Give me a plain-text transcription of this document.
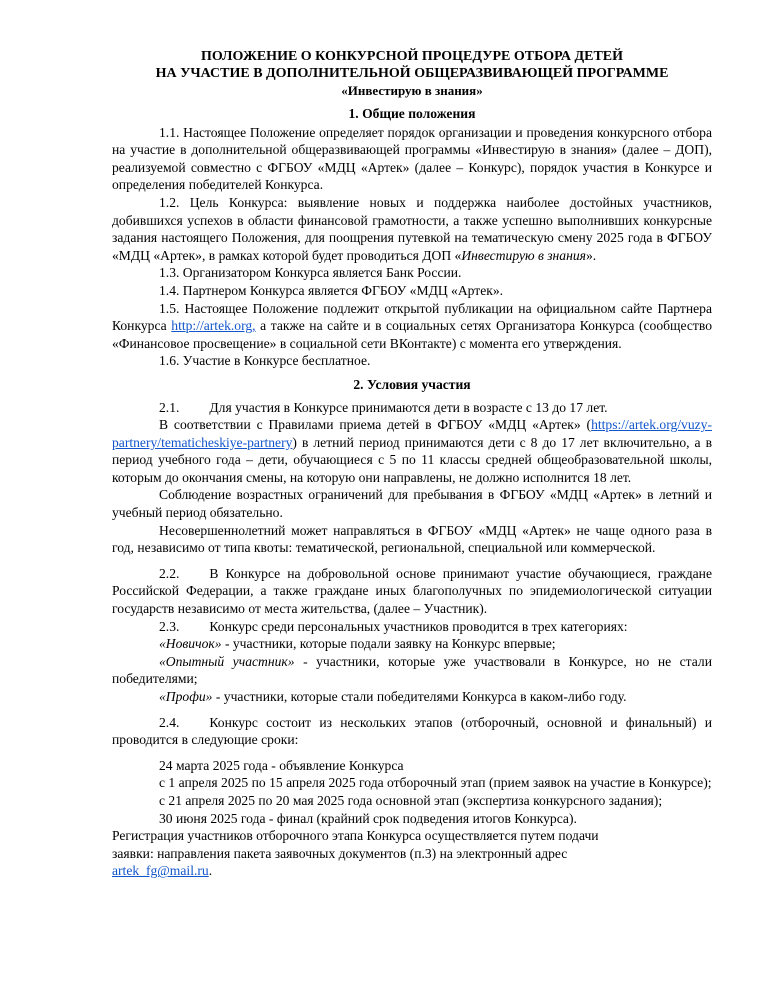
ПОЛОЖЕНИЕ О КОНКУРСНОЙ ПРОЦЕДУРЕ ОТБОРА ДЕТЕЙ
НА УЧАСТИЕ В ДОПОЛНИТЕЛЬНОЙ ОБЩЕРАЗВИВАЮЩЕЙ ПРОГРАММЕ
«Инвестирую в знания»
1. Общие положения

1.1. Настоящее Положение определяет порядок организации и проведения конкурсного отбора на участие в дополнительной общеразвивающей программы «Инвестирую в знания» (далее – ДОП), реализуемой совместно с ФГБОУ «МДЦ «Артек» (далее – Конкурс), порядок участия в Конкурсе и определения победителей Конкурса.

1.2. Цель Конкурса: выявление новых и поддержка наиболее достойных участников, добившихся успехов в области финансовой грамотности, а также успешно выполнивших конкурсные задания настоящего Положения, для поощрения путевкой на тематическую смену 2025 года в ФГБОУ «МДЦ «Артек», в рамках которой будет проводиться ДОП «Инвестирую в знания».

1.3. Организатором Конкурса является Банк России.

1.4. Партнером Конкурса является ФГБОУ «МДЦ «Артек».

1.5. Настоящее Положение подлежит открытой публикации на официальном сайте Партнера Конкурса http://artek.org, а также на сайте и в социальных сетях Организатора Конкурса (сообщество «Финансовое просвещение» в социальной сети ВКонтакте) с момента его утверждения.

1.6. Участие в Конкурсе бесплатное.

2. Условия участия

2.1. Для участия в Конкурсе принимаются дети в возрасте с 13 до 17 лет.

В соответствии с Правилами приема детей в ФГБОУ «МДЦ «Артек» (https://artek.org/vuzy-partnery/tematicheskiye-partnery) в летний период принимаются дети с 8 до 17 лет включительно, а в период учебного года – дети, обучающиеся с 5 по 11 классы средней общеобразовательной школы, которым до окончания смены, на которую они направлены, не должно исполнится 18 лет.

Соблюдение возрастных ограничений для пребывания в ФГБОУ «МДЦ «Артек» в летний и учебный период обязательно.

Несовершеннолетний может направляться в ФГБОУ «МДЦ «Артек» не чаще одного раза в год, независимо от типа квоты: тематической, региональной, специальной или коммерческой.

2.2. В Конкурсе на добровольной основе принимают участие обучающиеся, граждане Российской Федерации, а также граждане иных благополучных по эпидемиологической ситуации государств независимо от места жительства, (далее – Участник).

2.3. Конкурс среди персональных участников проводится в трех категориях:

«Новичок» - участники, которые подали заявку на Конкурс впервые;

«Опытный участник» - участники, которые уже участвовали в Конкурсе, но не стали победителями;

«Профи» - участники, которые стали победителями Конкурса в каком-либо году.

2.4. Конкурс состоит из нескольких этапов (отборочный, основной и финальный) и проводится в следующие сроки:

24 марта 2025 года - объявление Конкурса

с 1 апреля 2025 по 15 апреля 2025 года отборочный этап (прием заявок на участие в Конкурсе);

с 21 апреля 2025 по 20 мая 2025 года основной этап (экспертиза конкурсного задания);

30 июня 2025 года - финал (крайний срок подведения итогов Конкурса).

Регистрация участников отборочного этапа Конкурса осуществляется путем подачи

заявки: направления пакета заявочных документов (п.3) на электронный адрес

artek_fg@mail.ru.
